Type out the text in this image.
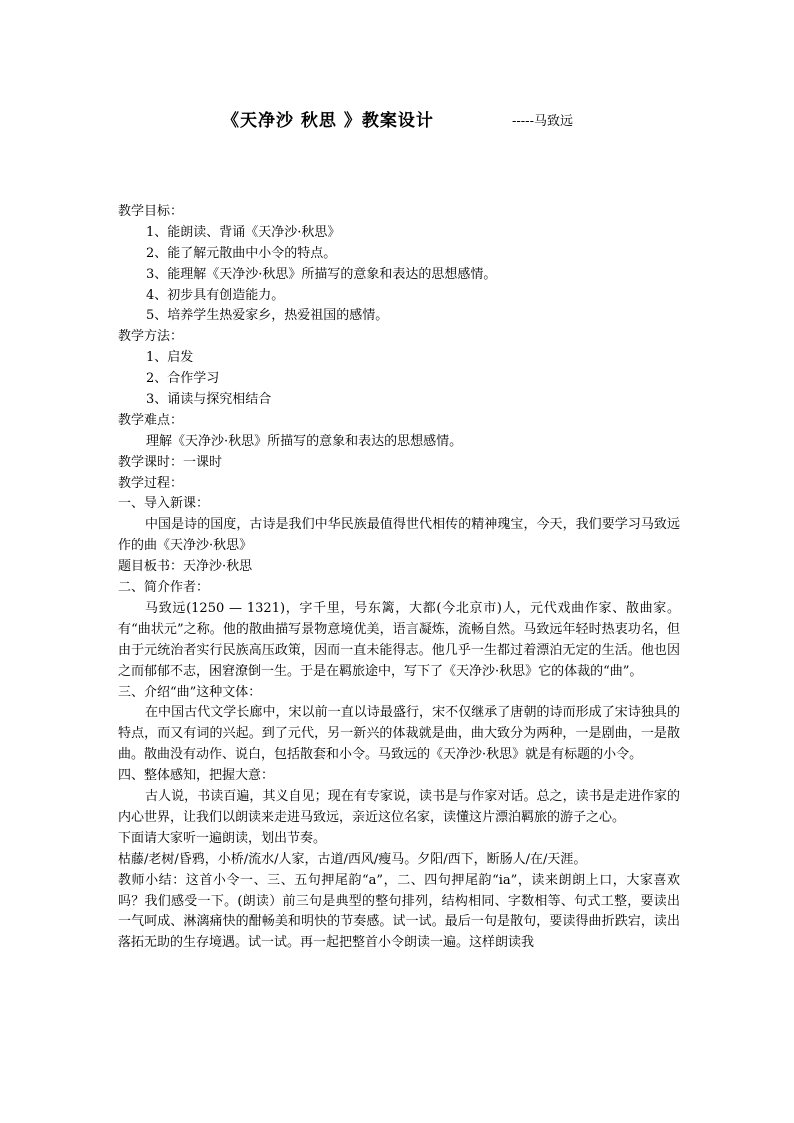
《天净沙 秋思 》教案设计	-----马致远
教学目标：
1、能朗读、背诵《天净沙·秋思》
2、能了解元散曲中小令的特点。
3、能理解《天净沙·秋思》所描写的意象和表达的思想感情。
4、初步具有创造能力。
5、培养学生热爱家乡，热爱祖国的感情。
教学方法：
1、启发
2、合作学习
3、诵读与探究相结合
教学难点：
理解《天净沙·秋思》所描写的意象和表达的思想感情。
教学课时：一课时
教学过程：
一、导入新课：

中国是诗的国度，古诗是我们中华民族最值得世代相传的精神瑰宝，今天，我们要学习马致远作的曲《天净沙·秋思》

题目板书：天净沙·秋思
二、简介作者：

马致远(1250 — 1321)，字千里，号东篱，大都(今北京市)人，元代戏曲作家、散曲家。有“曲状元”之称。他的散曲描写景物意境优美，语言凝炼，流畅自然。马致远年轻时热衷功名，但由于元统治者实行民族高压政策，因而一直未能得志。他几乎一生都过着漂泊无定的生活。他也因之而郁郁不志，困窘潦倒一生。于是在羁旅途中，写下了《天净沙·秋思》它的体裁的“曲”。

三、介绍“曲”这种文体：

在中国古代文学长廊中，宋以前一直以诗最盛行，宋不仅继承了唐朝的诗而形成了宋诗独具的特点，而又有词的兴起。到了元代，另一新兴的体裁就是曲，曲大致分为两种，一是剧曲，一是散曲。散曲没有动作、说白，包括散套和小令。马致远的《天净沙·秋思》就是有标题的小令。

四、整体感知，把握大意：

古人说，书读百遍，其义自见；现在有专家说，读书是与作家对话。总之，读书是走进作家的内心世界，让我们以朗读来走进马致远，亲近这位名家，读懂这片漂泊羁旅的游子之心。

下面请大家听一遍朗读，划出节奏。
枯藤/老树/昏鸦，小桥/流水/人家，古道/西风/瘦马。夕阳/西下，断肠人/在/天涯。

教师小结：这首小令一、三、五句押尾韵“a”，二、四句押尾韵“ia”，读来朗朗上口，大家喜欢吗？我们感受一下。(朗读）前三句是典型的整句排列，结构相同、字数相等、句式工整，要读出一气呵成、淋漓痛快的酣畅美和明快的节奏感。试一试。最后一句是散句，要读得曲折跌宕，读出落拓无助的生存境遇。试一试。再一起把整首小令朗读一遍。这样朗读我
